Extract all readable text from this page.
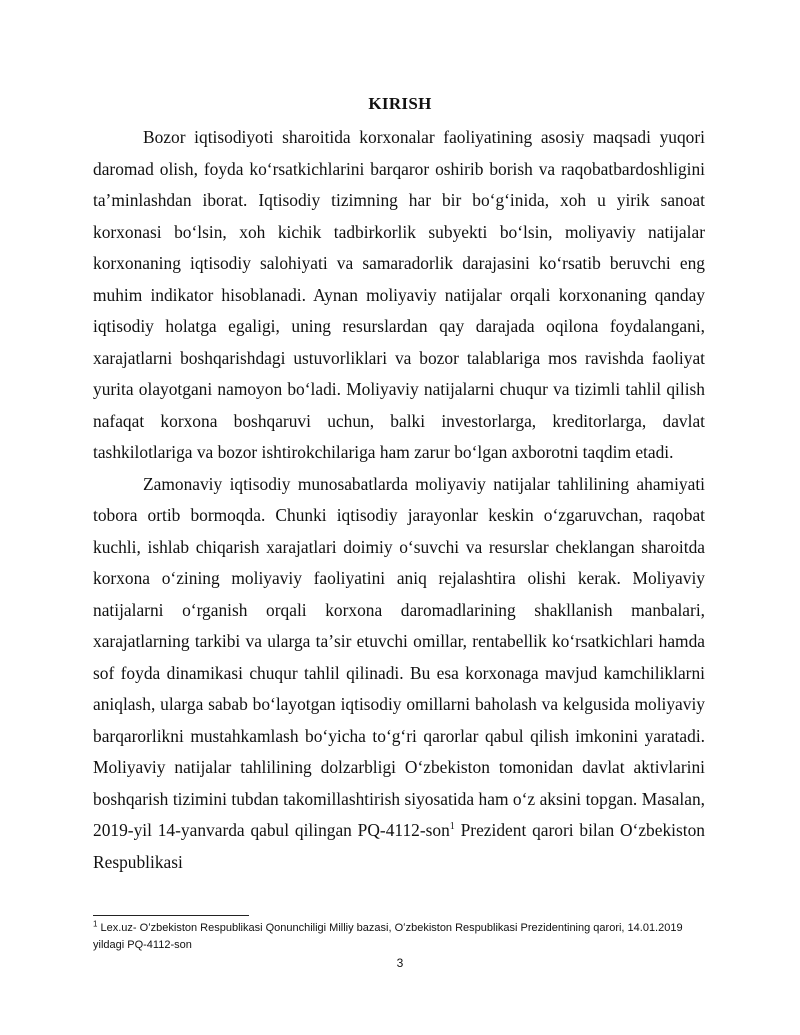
KIRISH

Bozor iqtisodiyoti sharoitida korxonalar faoliyatining asosiy maqsadi yuqori daromad olish, foyda koʻrsatkichlarini barqaror oshirib borish va raqobatbardoshligini taʼminlashdan iborat. Iqtisodiy tizimning har bir boʻgʻinida, xoh u yirik sanoat korxonasi boʻlsin, xoh kichik tadbirkorlik subyekti boʻlsin, moliyaviy natijalar korxonaning iqtisodiy salohiyati va samaradorlik darajasini koʻrsatib beruvchi eng muhim indikator hisoblanadi. Aynan moliyaviy natijalar orqali korxonaning qanday iqtisodiy holatga egaligi, uning resurslardan qay darajada oqilona foydalangani, xarajatlarni boshqarishdagi ustuvorliklari va bozor talablariga mos ravishda faoliyat yurita olayotgani namoyon boʻladi. Moliyaviy natijalarni chuqur va tizimli tahlil qilish nafaqat korxona boshqaruvi uchun, balki investorlarga, kreditorlarga, davlat tashkilotlariga va bozor ishtirokchilariga ham zarur boʻlgan axborotni taqdim etadi.

Zamonaviy iqtisodiy munosabatlarda moliyaviy natijalar tahlilining ahamiyati tobora ortib bormoqda. Chunki iqtisodiy jarayonlar keskin oʻzgaruvchan, raqobat kuchli, ishlab chiqarish xarajatlari doimiy oʻsuvchi va resurslar cheklangan sharoitda korxona oʻzining moliyaviy faoliyatini aniq rejalashtira olishi kerak. Moliyaviy natijalarni oʻrganish orqali korxona daromadlarining shakllanish manbalari, xarajatlarning tarkibi va ularga taʼsir etuvchi omillar, rentabellik koʻrsatkichlari hamda sof foyda dinamikasi chuqur tahlil qilinadi. Bu esa korxonaga mavjud kamchiliklarni aniqlash, ularga sabab boʻlayotgan iqtisodiy omillarni baholash va kelgusida moliyaviy barqarorlikni mustahkamlash boʻyicha toʻgʻri qarorlar qabul qilish imkonini yaratadi. Moliyaviy natijalar tahlilining dolzarbligi Oʻzbekiston tomonidan davlat aktivlarini boshqarish tizimini tubdan takomillashtirish siyosatida ham oʻz aksini topgan. Masalan, 2019-yil 14-yanvarda qabul qilingan PQ-4112-son$^1$ Prezident qarori bilan Oʻzbekiston Respublikasi

$^1$ Lex.uz- Oʻzbekiston Respublikasi Qonunchiligi Milliy bazasi, Oʻzbekiston Respublikasi Prezidentining qarori, 14.01.2019 yildagi PQ-4112-son
3
